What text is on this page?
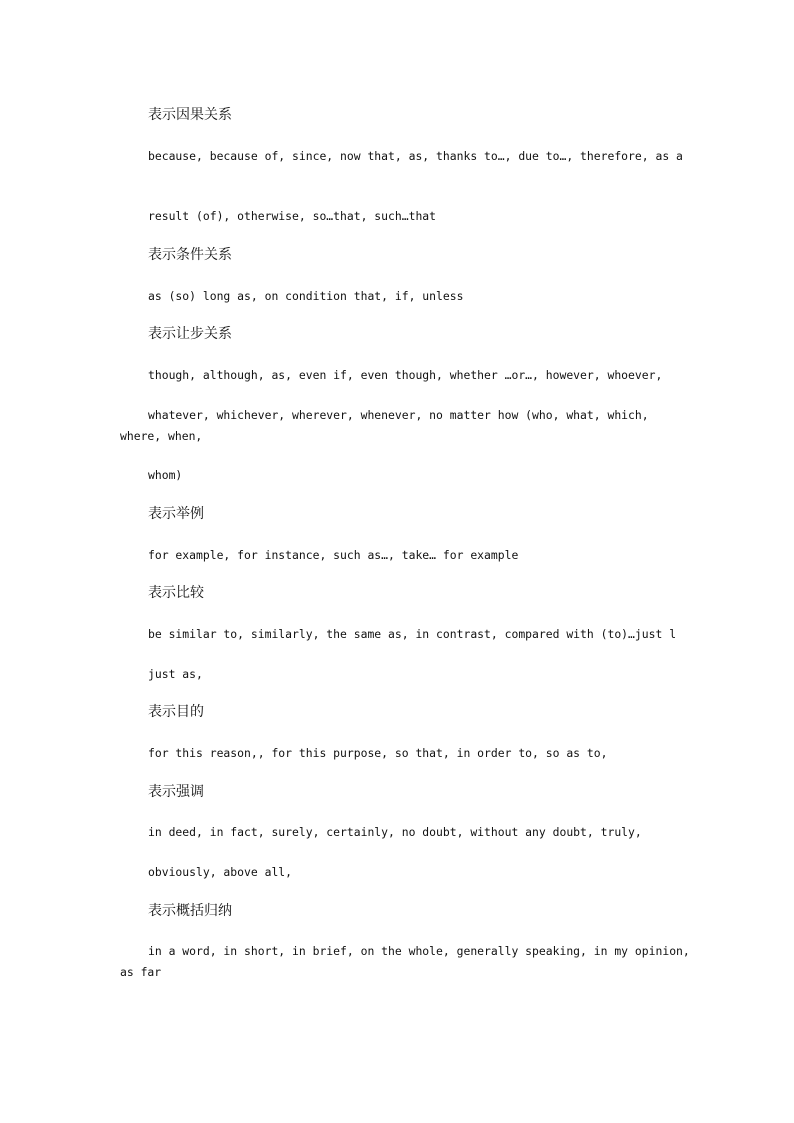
表示因果关系

because, because of, since, now that, as, thanks to…, due to…, therefore, as a

result (of), otherwise, so…that, such…that

表示条件关系

as (so) long as, on condition that, if, unless

表示让步关系

though, although, as, even if, even though, whether …or…, however, whoever,

whatever, whichever, wherever, whenever, no matter how (who, what, which, where, when,

whom)

表示举例

for example, for instance, such as…, take… for example

表示比较

be similar to, similarly, the same as, in contrast, compared with (to)…just l

just as,

表示目的

for this reason,, for this purpose, so that, in order to, so as to,

表示强调

in deed, in fact, surely, certainly, no doubt, without any doubt, truly,

obviously, above all,

表示概括归纳

in a word, in short, in brief, on the whole, generally speaking, in my opinion, as far
